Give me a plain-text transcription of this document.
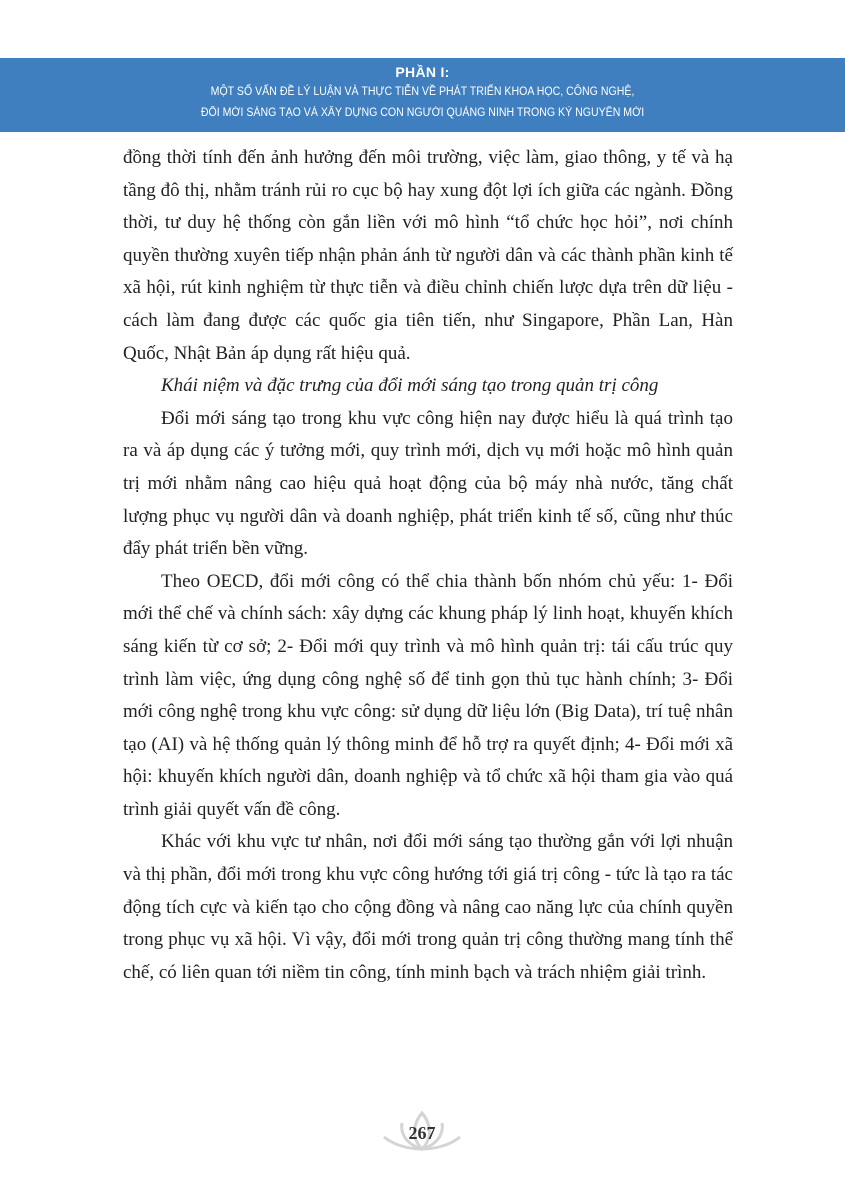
PHẦN I:
MỘT SỐ VẤN ĐỀ LÝ LUẬN VÀ THỰC TIỄN VỀ PHÁT TRIỂN KHOA HỌC, CÔNG NGHỆ,
ĐỔI MỚI SÁNG TẠO VÀ XÂY DỰNG CON NGƯỜI QUẢNG NINH TRONG KỶ NGUYÊN MỚI

đồng thời tính đến ảnh hưởng đến môi trường, việc làm, giao thông, y tế và hạ tầng đô thị, nhằm tránh rủi ro cục bộ hay xung đột lợi ích giữa các ngành. Đồng thời, tư duy hệ thống còn gắn liền với mô hình “tổ chức học hỏi”, nơi chính quyền thường xuyên tiếp nhận phản ánh từ người dân và các thành phần kinh tế xã hội, rút kinh nghiệm từ thực tiễn và điều chỉnh chiến lược dựa trên dữ liệu - cách làm đang được các quốc gia tiên tiến, như Singapore, Phần Lan, Hàn Quốc, Nhật Bản áp dụng rất hiệu quả.

Khái niệm và đặc trưng của đổi mới sáng tạo trong quản trị công

Đổi mới sáng tạo trong khu vực công hiện nay được hiểu là quá trình tạo ra và áp dụng các ý tưởng mới, quy trình mới, dịch vụ mới hoặc mô hình quản trị mới nhằm nâng cao hiệu quả hoạt động của bộ máy nhà nước, tăng chất lượng phục vụ người dân và doanh nghiệp, phát triển kinh tế số, cũng như thúc đẩy phát triển bền vững.

Theo OECD, đổi mới công có thể chia thành bốn nhóm chủ yếu: 1- Đổi mới thể chế và chính sách: xây dựng các khung pháp lý linh hoạt, khuyến khích sáng kiến từ cơ sở; 2- Đổi mới quy trình và mô hình quản trị: tái cấu trúc quy trình làm việc, ứng dụng công nghệ số để tinh gọn thủ tục hành chính; 3- Đổi mới công nghệ trong khu vực công: sử dụng dữ liệu lớn (Big Data), trí tuệ nhân tạo (AI) và hệ thống quản lý thông minh để hỗ trợ ra quyết định; 4- Đổi mới xã hội: khuyến khích người dân, doanh nghiệp và tổ chức xã hội tham gia vào quá trình giải quyết vấn đề công.

Khác với khu vực tư nhân, nơi đổi mới sáng tạo thường gắn với lợi nhuận và thị phần, đổi mới trong khu vực công hướng tới giá trị công - tức là tạo ra tác động tích cực và kiến tạo cho cộng đồng và nâng cao năng lực của chính quyền trong phục vụ xã hội. Vì vậy, đổi mới trong quản trị công thường mang tính thể chế, có liên quan tới niềm tin công, tính minh bạch và trách nhiệm giải trình.

267
